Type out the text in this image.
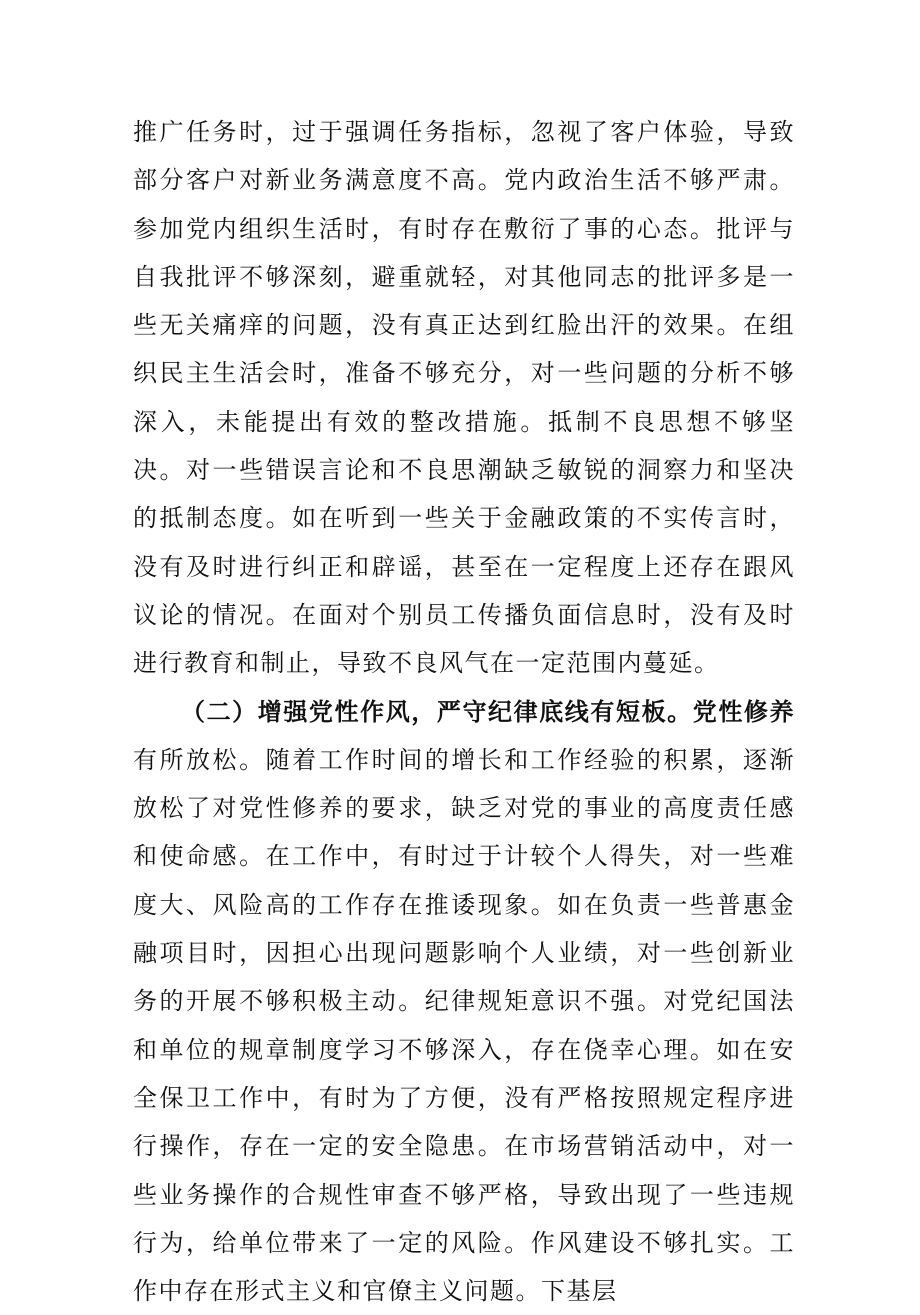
推广任务时，过于强调任务指标，忽视了客户体验，导致部分客户对新业务满意度不高。党内政治生活不够严肃。参加党内组织生活时，有时存在敷衍了事的心态。批评与自我批评不够深刻，避重就轻，对其他同志的批评多是一些无关痛痒的问题，没有真正达到红脸出汗的效果。在组织民主生活会时，准备不够充分，对一些问题的分析不够深入，未能提出有效的整改措施。抵制不良思想不够坚决。对一些错误言论和不良思潮缺乏敏锐的洞察力和坚决的抵制态度。如在听到一些关于金融政策的不实传言时，没有及时进行纠正和辟谣，甚至在一定程度上还存在跟风议论的情况。在面对个别员工传播负面信息时，没有及时进行教育和制止，导致不良风气在一定范围内蔓延。

（二）增强党性作风，严守纪律底线有短板。党性修养有所放松。随着工作时间的增长和工作经验的积累，逐渐放松了对党性修养的要求，缺乏对党的事业的高度责任感和使命感。在工作中，有时过于计较个人得失，对一些难度大、风险高的工作存在推诿现象。如在负责一些普惠金融项目时，因担心出现问题影响个人业绩，对一些创新业务的开展不够积极主动。纪律规矩意识不强。对党纪国法和单位的规章制度学习不够深入，存在侥幸心理。如在安全保卫工作中，有时为了方便，没有严格按照规定程序进行操作，存在一定的安全隐患。在市场营销活动中，对一些业务操作的合规性审查不够严格，导致出现了一些违规行为，给单位带来了一定的风险。作风建设不够扎实。工作中存在形式主义和官僚主义问题。下基层
